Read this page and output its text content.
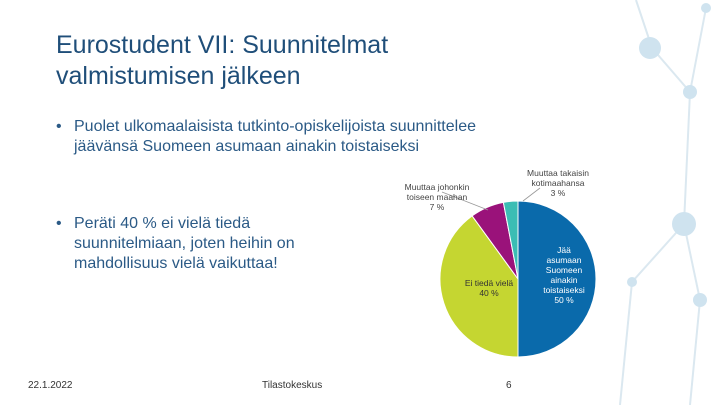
Eurostudent VII: Suunnitelmat
valmistumisen jälkeen
• Puolet ulkomaalaisista tutkinto-opiskelijoista suunnittelee
jäävänsä Suomeen asumaan ainakin toistaiseksi
• Peräti 40 % ei vielä tiedä
suunnitelmiaan, joten heihin on
mahdollisuus vielä vaikuttaa!
Jää
asumaan
Suomeen
ainakin
toistaiseksi
50 %
Ei tiedä vielä
40 %
Muuttaa johonkin
toiseen maahan
7 %
Muuttaa takaisin
kotimaahansa
3 %
22.1.2022	Tilastokeskus	6
